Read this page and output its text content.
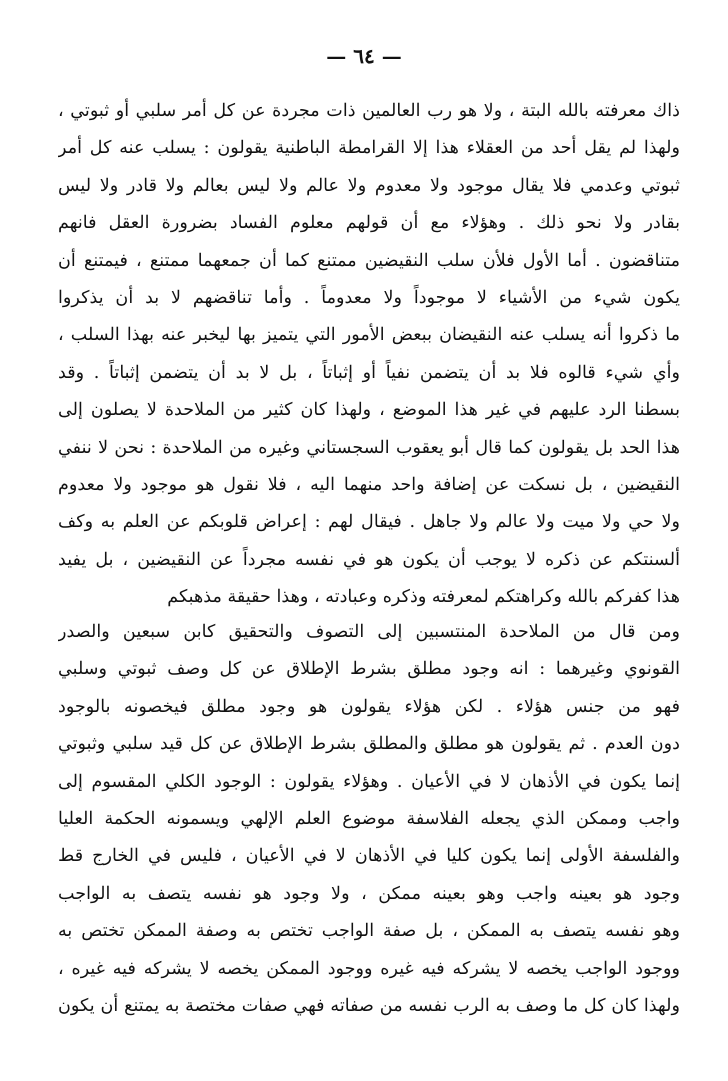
— ٦٤ —
ذاك معرفته بالله البتة ، ولا هو رب العالمين ذات مجردة عن كل أمر سلبي أو ثبوتي ،
ولهذا لم يقل أحد من العقلاء هذا إلا القرامطة الباطنية يقولون : يسلب عنه كل أمر
ثبوتي وعدمي فلا يقال موجود ولا معدوم ولا عالم ولا ليس بعالم ولا قادر ولا ليس
بقادر ولا نحو ذلك . وهؤلاء مع أن قولهم معلوم الفساد بضرورة العقل فانهم
متناقضون . أما الأول فلأن سلب النقيضين ممتنع كما أن جمعهما ممتنع ، فيمتنع أن
يكون شيء من الأشياء لا موجوداً ولا معدوماً . وأما تناقضهم لا بد أن يذكروا
ما ذكروا أنه يسلب عنه النقيضان ببعض الأمور التي يتميز بها ليخبر عنه بهذا السلب ،
وأي شيء قالوه فلا بد أن يتضمن نفياً أو إثباتاً ، بل لا بد أن يتضمن إثباتاً . وقد
بسطنا الرد عليهم في غير هذا الموضع ، ولهذا كان كثير من الملاحدة لا يصلون إلى
هذا الحد بل يقولون كما قال أبو يعقوب السجستاني وغيره من الملاحدة : نحن لا ننفي
النقيضين ، بل نسكت عن إضافة واحد منهما اليه ، فلا نقول هو موجود ولا معدوم
ولا حي ولا ميت ولا عالم ولا جاهل . فيقال لهم : إعراض قلوبكم عن العلم به وكف
ألسنتكم عن ذكره لا يوجب أن يكون هو في نفسه مجرداً عن النقيضين ، بل يفيد
هذا كفركم بالله وكراهتكم لمعرفته وذكره وعبادته ، وهذا حقيقة مذهبكم
ومن قال من الملاحدة المنتسبين إلى التصوف والتحقيق كابن سبعين والصدر
القونوي وغيرهما : انه وجود مطلق بشرط الإطلاق عن كل وصف ثبوتي وسلبي
فهو من جنس هؤلاء . لكن هؤلاء يقولون هو وجود مطلق فيخصونه بالوجود
دون العدم . ثم يقولون هو مطلق والمطلق بشرط الإطلاق عن كل قيد سلبي وثبوتي
إنما يكون في الأذهان لا في الأعيان . وهؤلاء يقولون : الوجود الكلي المقسوم إلى
واجب وممكن الذي يجعله الفلاسفة موضوع العلم الإلهي ويسمونه الحكمة العليا
والفلسفة الأولى إنما يكون كليا في الأذهان لا في الأعيان ، فليس في الخارج قط
وجود هو بعينه واجب وهو بعينه ممكن ، ولا وجود هو نفسه يتصف به الواجب
وهو نفسه يتصف به الممكن ، بل صفة الواجب تختص به وصفة الممكن تختص به
ووجود الواجب يخصه لا يشركه فيه غيره ووجود الممكن يخصه لا يشركه فيه غيره ،
ولهذا كان كل ما وصف به الرب نفسه من صفاته فهي صفات مختصة به يمتنع أن يكون
